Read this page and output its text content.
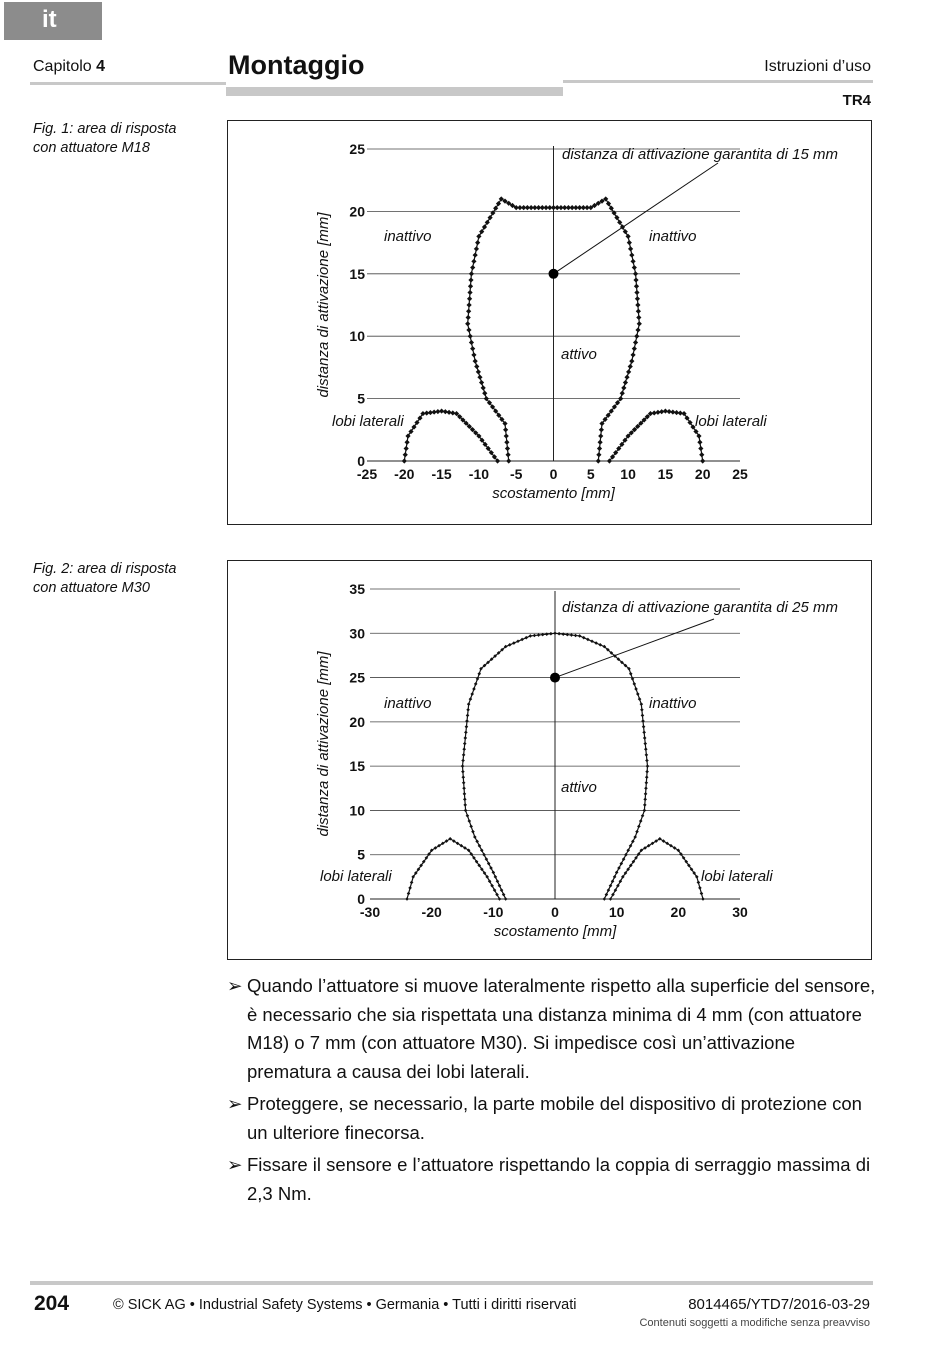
it
Capitolo 4	Montaggio	Istruzioni d’uso
TR4
Fig. 1: area di risposta
con attuatore M18
0
5
10
15
20
25
-25 -20 -15 -10 -5 0 5 10 15 20 25
scostamento [mm]
distanza di attivazione [mm]
distanza di attivazione garantita di 15 mm
inattivo	inattivo
attivo
lobi laterali	lobi laterali
Fig. 2: area di risposta
con attuatore M30
0
5
10
15
20
25
30
35
-30	-20	-10	0	10	20	30
scostamento [mm]
distanza di attivazione [mm]
distanza di attivazione garantita di 25 mm
inattivo	inattivo
attivo
lobi laterali	lobi laterali
➢ Quando l’attuatore si muove lateralmente rispetto alla superficie del sensore, è necessario che sia rispettata una distanza minima di 4 mm (con attuatore M18) o 7 mm (con attuatore M30). Si impedisce così un’attivazione prematura a causa dei lobi laterali.
➢ Proteggere, se necessario, la parte mobile del dispositivo di protezione con un ulteriore finecorsa.
➢ Fissare il sensore e l’attuatore rispettando la coppia di serraggio massima di 2,3 Nm.
204	© SICK AG • Industrial Safety Systems • Germania • Tutti i diritti riservati	8014465/YTD7/2016-03-29
Contenuti soggetti a modifiche senza preavviso
